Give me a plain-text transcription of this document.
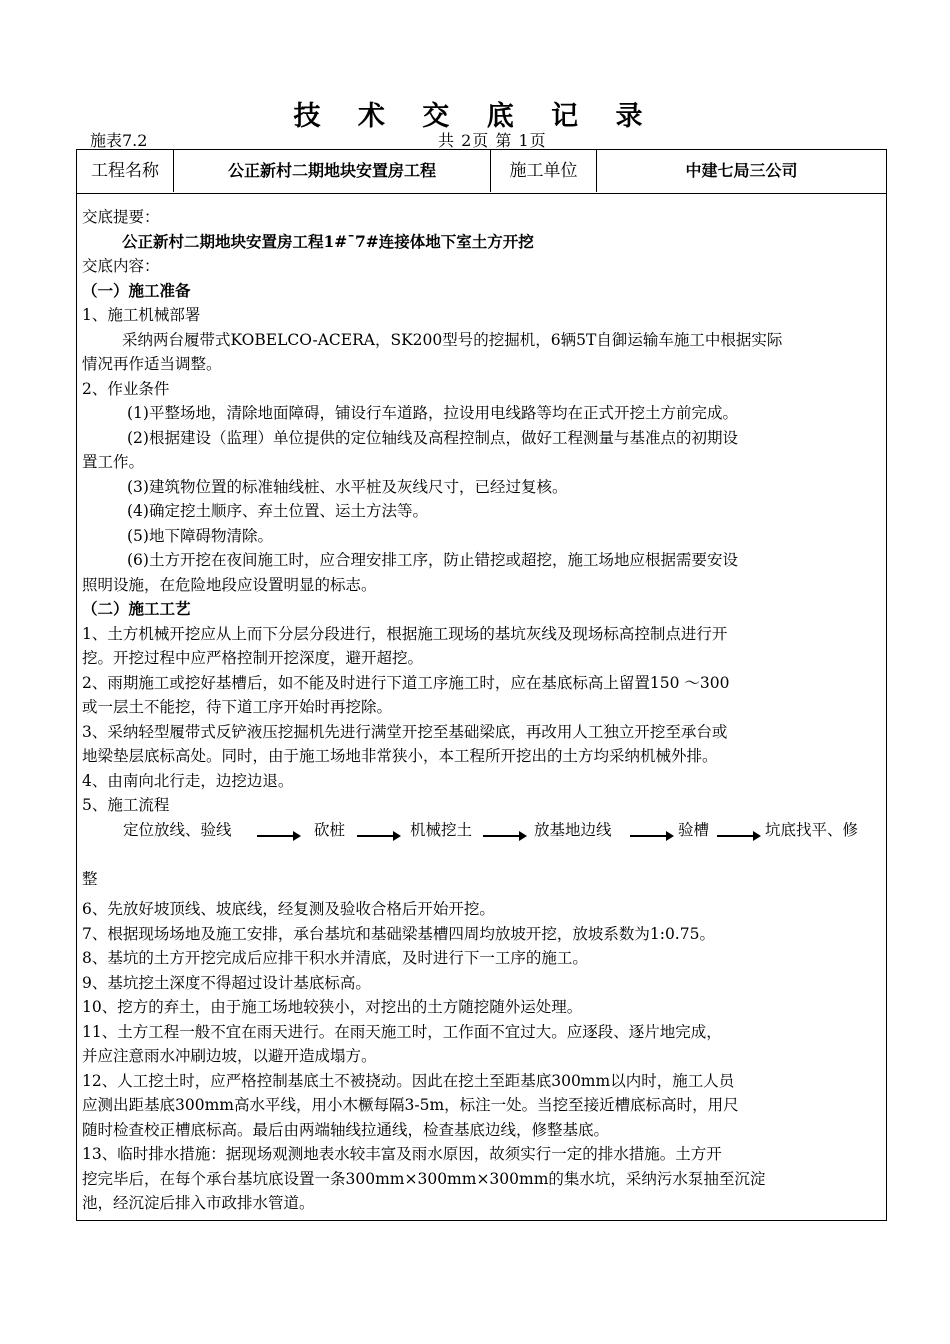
技 术 交 底 记 录
施表7.2	共 2页 第 1页
工程名称	公正新村二期地块安置房工程	施工单位	中建七局三公司

交底提要：

公正新村二期地块安置房工程1#ˉ7#连接体地下室土方开挖

交底内容：

（一）施工准备

1、施工机械部署

采纳两台履带式KOBELCO-ACERA，SK200型号的挖掘机，6辆5T自御运输车施工中根据实际

情况再作适当调整。

2、作业条件

(1)平整场地，清除地面障碍，铺设行车道路，拉设用电线路等均在正式开挖土方前完成。

(2)根据建设（监理）单位提供的定位轴线及高程控制点，做好工程测量与基准点的初期设

置工作。

(3)建筑物位置的标准轴线桩、水平桩及灰线尺寸，已经过复核。

(4)确定挖土顺序、弃土位置、运土方法等。

(5)地下障碍物清除。

(6)土方开挖在夜间施工时，应合理安排工序，防止错挖或超挖，施工场地应根据需要安设

照明设施，在危险地段应设置明显的标志。

（二）施工工艺

1、土方机械开挖应从上而下分层分段进行，根据施工现场的基坑灰线及现场标高控制点进行开

挖。开挖过程中应严格控制开挖深度，避开超挖。

2、雨期施工或挖好基槽后，如不能及时进行下道工序施工时，应在基底标高上留置150 ～300

或一层土不能挖，待下道工序开始时再挖除。

3、采纳轻型履带式反铲液压挖掘机先进行满堂开挖至基础梁底，再改用人工独立开挖至承台或

地梁垫层底标高处。同时，由于施工场地非常狭小，本工程所开挖出的土方均采纳机械外排。

4、由南向北行走，边挖边退。

5、施工流程

定位放线、验线	砍桩	机械挖土	放基地边线	验槽	坑底找平、修

整

6、先放好坡顶线、坡底线，经复测及验收合格后开始开挖。

7、根据现场场地及施工安排，承台基坑和基础梁基槽四周均放坡开挖，放坡系数为1:0.75。

8、基坑的土方开挖完成后应排干积水并清底，及时进行下一工序的施工。

9、基坑挖土深度不得超过设计基底标高。

10、挖方的弃土，由于施工场地较狭小，对挖出的土方随挖随外运处理。

11、土方工程一般不宜在雨天进行。在雨天施工时，工作面不宜过大。应逐段、逐片地完成，

并应注意雨水冲刷边坡，以避开造成塌方。

12、人工挖土时，应严格控制基底土不被挠动。因此在挖土至距基底300mm以内时，施工人员

应测出距基底300mm高水平线，用小木橛每隔3-5m，标注一处。当挖至接近槽底标高时，用尺

随时检查校正槽底标高。最后由两端轴线拉通线，检查基底边线，修整基底。

13、临时排水措施：据现场观测地表水较丰富及雨水原因，故须实行一定的排水措施。土方开

挖完毕后，在每个承台基坑底设置一条300mm×300mm×300mm的集水坑，采纳污水泵抽至沉淀

池，经沉淀后排入市政排水管道。
